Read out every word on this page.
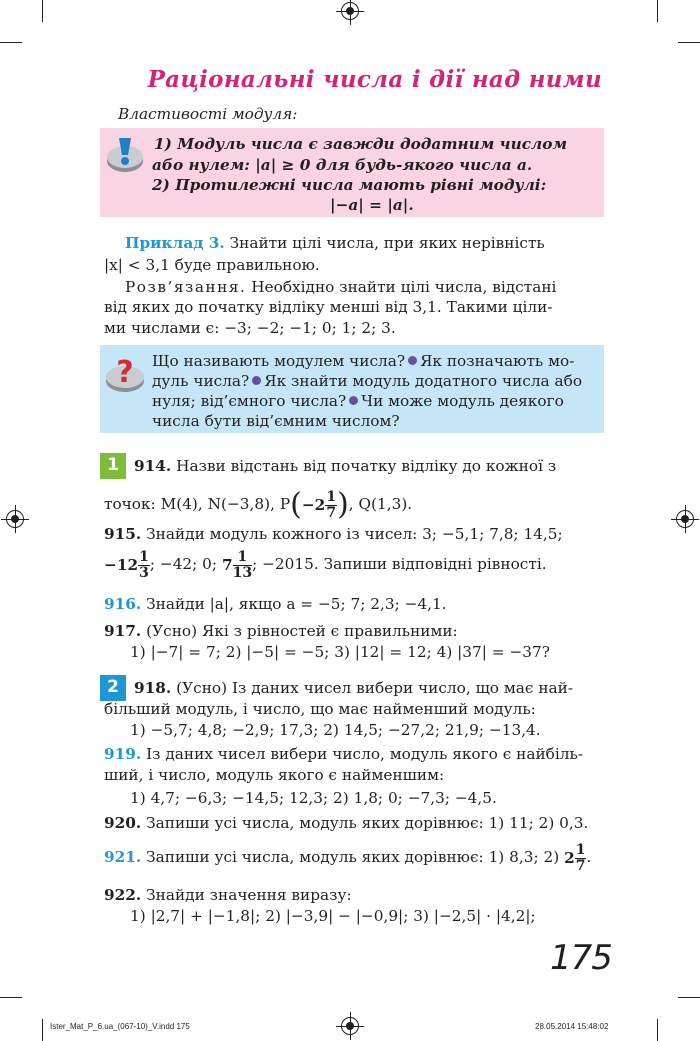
Раціональні числа і дії над ними
Властивості модуля:
1) Модуль числа є завжди додатним числом
або нулем: |a| ≥ 0 для будь-якого числа a.
2) Протилежні числа мають рівні модулі:
|−a| = |a|.
Приклад 3. Знайти цілі числа, при яких нерівність
|x| < 3,1 буде правильною.
Розв’язання. Необхідно знайти цілі числа, відстані
від яких до початку відліку менші від 3,1. Такими ціли-
ми числами є: −3; −2; −1; 0; 1; 2; 3.
? Що називають модулем числа? Як позначають мо-
дуль числа? Як знайти модуль додатного числа або
нуля; від’ємного числа? Чи може модуль деякого
числа бути від’ємним числом?
1 914. Назви відстань від початку відліку до кожної з
точок: M(4), N(−3,8), $P(-2 \frac{1}{7}$ ), Q(1,3).
915. Знайди модуль кожного із чисел: 3; −5,1; 7,8; 14,5;
$-12 \frac{1}{3}$ ; −42; 0; $7 \frac{1}{13}$ ; −2015. Запиши відповідні рівності.
916. Знайди |a|, якщо a = −5; 7; 2,3; −4,1.
917. (Усно) Які з рівностей є правильними:
1) |−7| = 7; 2) |−5| = −5; 3) |12| = 12; 4) |37| = −37?
2 918. (Усно) Із даних чисел вибери число, що має най-
більший модуль, і число, що має найменший модуль:
1) −5,7; 4,8; −2,9; 17,3; 2) 14,5; −27,2; 21,9; −13,4.
919. Із даних чисел вибери число, модуль якого є найбіль-
ший, і число, модуль якого є найменшим:
1) 4,7; −6,3; −14,5; 12,3; 2) 1,8; 0; −7,3; −4,5.
920. Запиши усі числа, модуль яких дорівнює: 1) 11; 2) 0,3.
921. Запиши усі числа, модуль яких дорівнює: 1) 8,3; 2) $2 \frac{1}{7}$ .
922. Знайди значення виразу:
1) |2,7| + |−1,8|; 2) |−3,9| − |−0,9|; 3) |−2,5| · |4,2|;
175
Ister_Mat_P_6.ua_(067-10)_V.indd 175	28.05.2014 15:48:02
